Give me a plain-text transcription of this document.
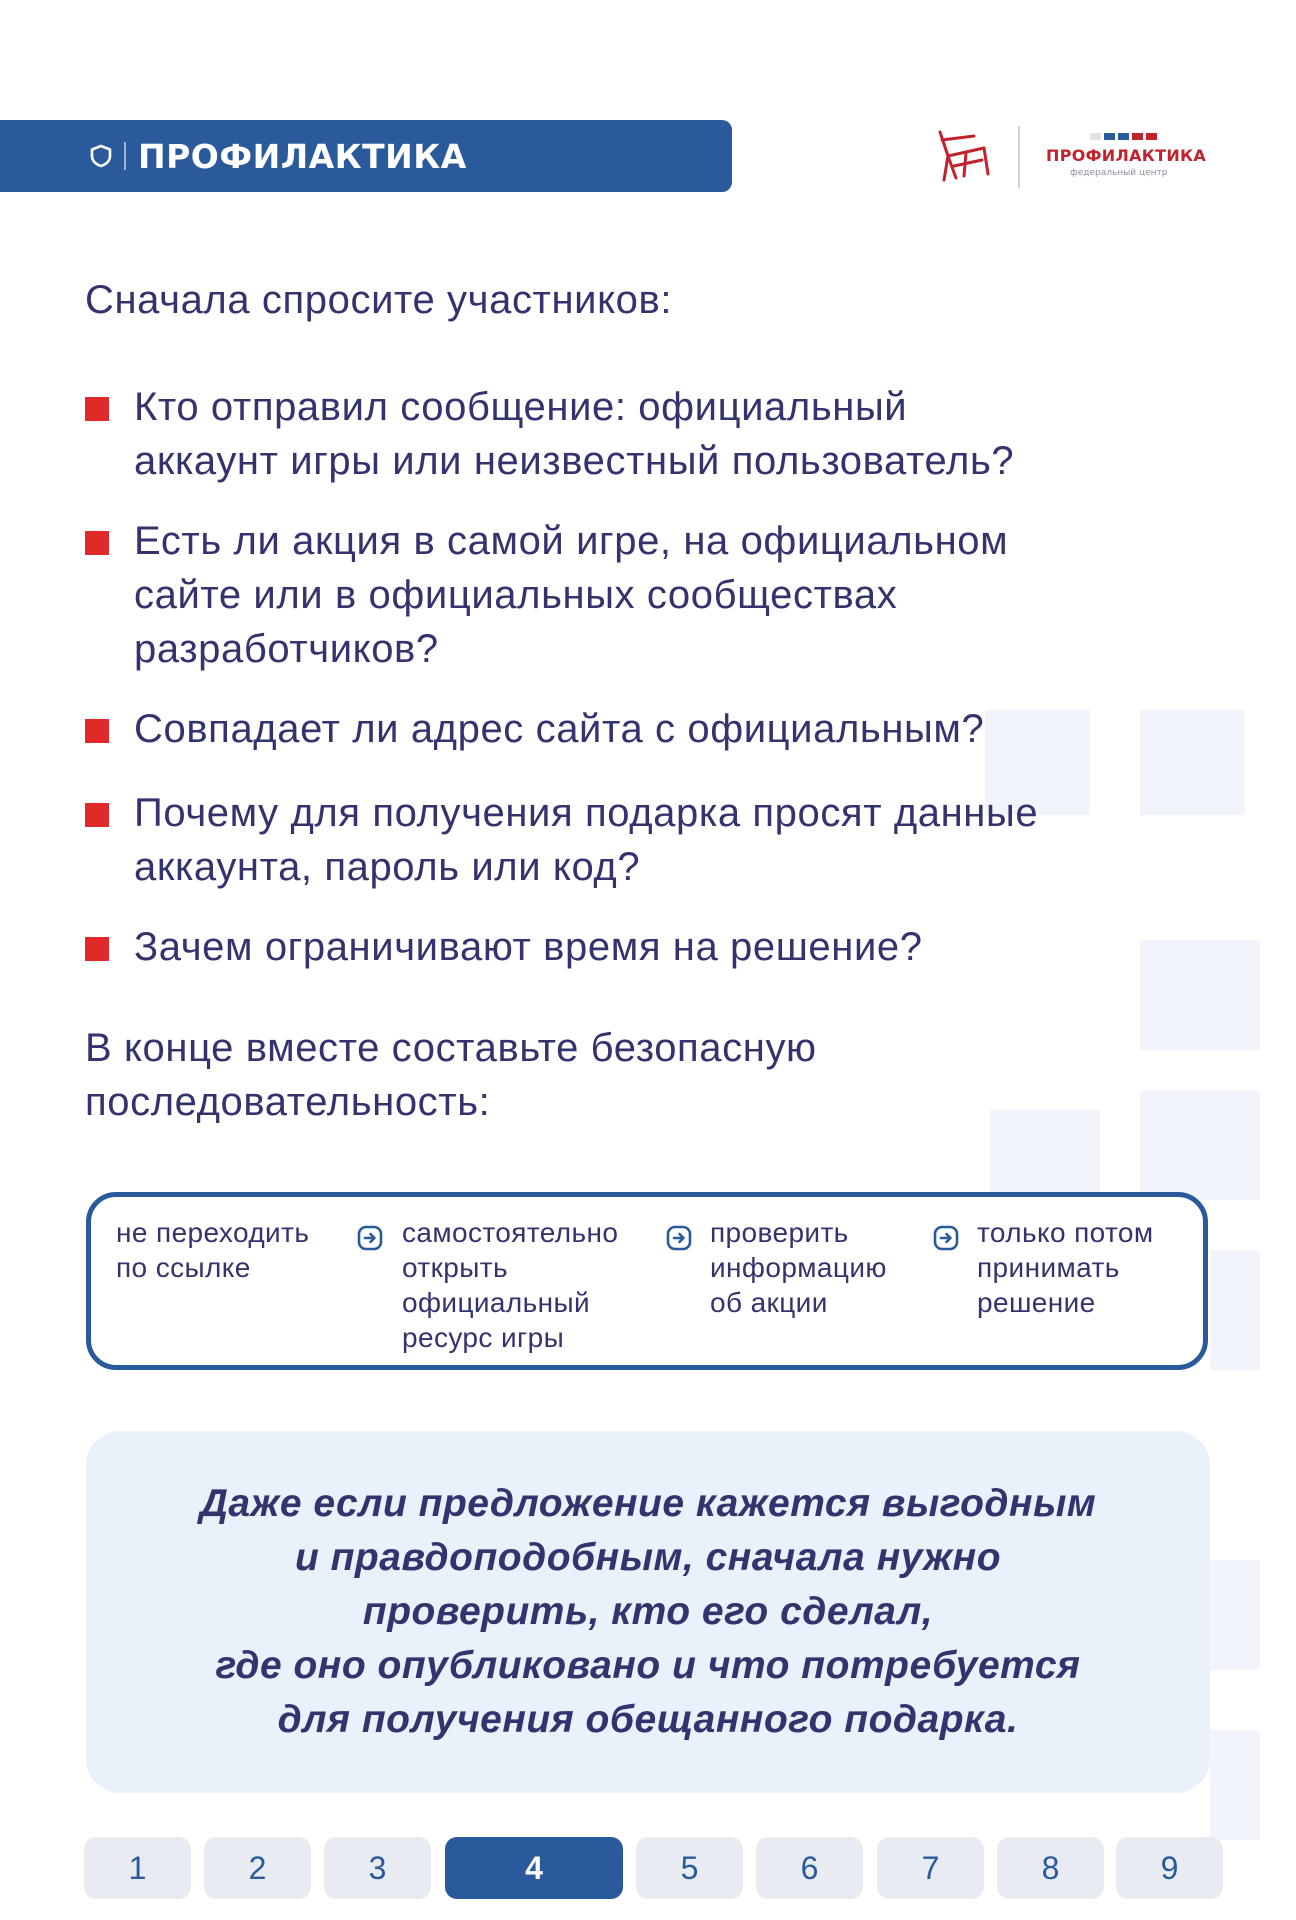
ПРОФИЛАКТИКА	ПРОФИЛАКТИКА
федеральный центр
Сначала спросите участников:
Кто отправил сообщение: официальный
аккаунт игры или неизвестный пользователь?
Есть ли акция в самой игре, на официальном
сайте или в официальных сообществах
разработчиков?
Совпадает ли адрес сайта с официальным?
Почему для получения подарка просят данные
аккаунта, пароль или код?
Зачем ограничивают время на решение?
В конце вместе составьте безопасную
последовательность:
не переходить
по ссылке
самостоятельно
открыть
официальный
ресурс игры
проверить
информацию
об акции
только потом
принимать
решение
Даже если предложение кажется выгодным
и правдоподобным, сначала нужно
проверить, кто его сделал,
где оно опубликовано и что потребуется
для получения обещанного подарка.
1	2	3	4	5	6	7	8	9
